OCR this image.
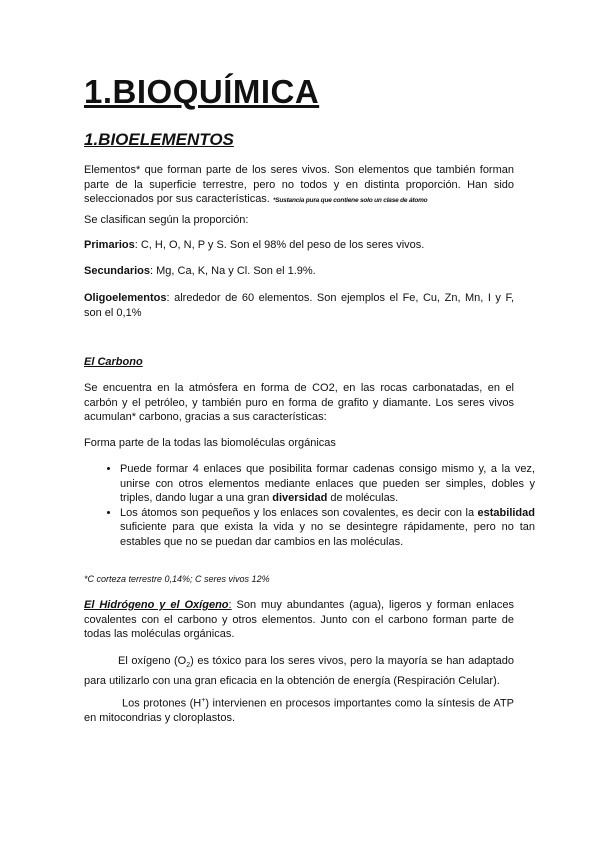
1.BIOQUÍMICA
1.BIOELEMENTOS

Elementos* que forman parte de los seres vivos. Son elementos que también forman parte de la superficie terrestre, pero no todos y en distinta proporción. Han sido seleccionados por sus características. *Sustancia pura que contiene solo un clase de átomo

Se clasifican según la proporción:

Primarios: C, H, O, N, P y S. Son el 98% del peso de los seres vivos.

Secundarios: Mg, Ca, K, Na y Cl. Son el 1.9%.

Oligoelementos: alrededor de 60 elementos. Son ejemplos el Fe, Cu, Zn, Mn, I y F, son el 0,1%

El Carbono

Se encuentra en la atmósfera en forma de CO2, en las rocas carbonatadas, en el carbón y el petróleo, y también puro en forma de grafito y diamante. Los seres vivos acumulan* carbono, gracias a sus características:

Forma parte de la todas las biomoléculas orgánicas

• Puede formar 4 enlaces que posibilita formar cadenas consigo mismo y, a la vez, unirse con otros elementos mediante enlaces que pueden ser simples, dobles y triples, dando lugar a una gran diversidad de moléculas.
• Los átomos son pequeños y los enlaces son covalentes, es decir con la estabilidad suficiente para que exista la vida y no se desintegre rápidamente, pero no tan estables que no se puedan dar cambios en las moléculas.

*C corteza terrestre 0,14%; C seres vivos 12%

El Hidrógeno y el Oxígeno: Son muy abundantes (agua), ligeros y forman enlaces covalentes con el carbono y otros elementos. Junto con el carbono forman parte de todas las moléculas orgánicas.

El oxígeno $(O_2)$ es tóxico para los seres vivos, pero la mayoría se han adaptado para utilizarlo con una gran eficacia en la obtención de energía (Respiración Celular).

Los protones (H+) intervienen en procesos importantes como la síntesis de ATP en mitocondrias y cloroplastos.
